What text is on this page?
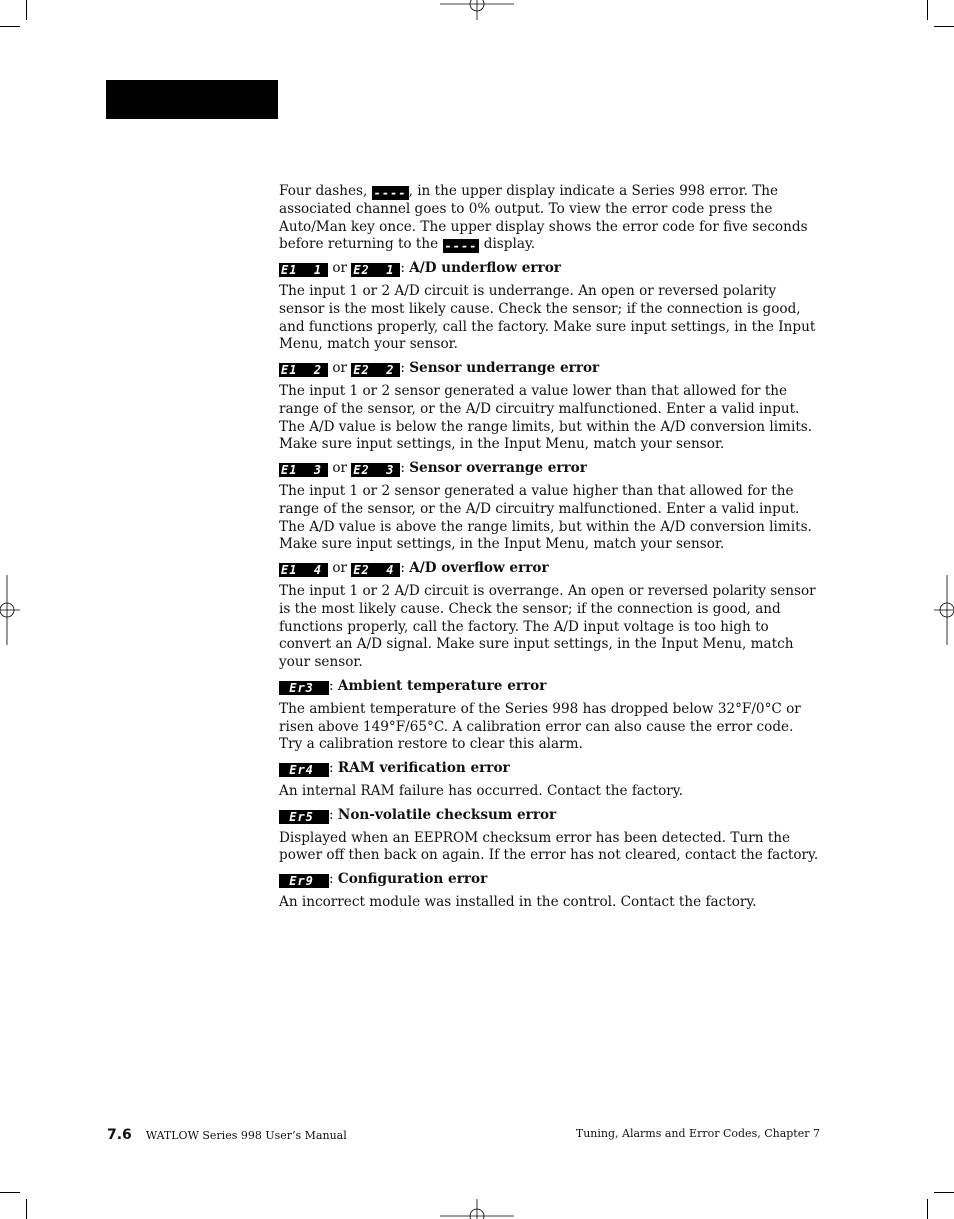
Four dashes, ---- , in the upper display indicate a Series 998 error. The associated channel goes to 0% output. To view the error code press the Auto/Man key once. The upper display shows the error code for five seconds before returning to the ---- display.

E1  1 or E2  1 : A/D underflow error

The input 1 or 2 A/D circuit is underrange. An open or reversed polarity sensor is the most likely cause. Check the sensor; if the connection is good, and functions properly, call the factory. Make sure input settings, in the Input Menu, match your sensor.

E1  2 or E2  2 : Sensor underrange error

The input 1 or 2 sensor generated a value lower than that allowed for the range of the sensor, or the A/D circuitry malfunctioned. Enter a valid input. The A/D value is below the range limits, but within the A/D conversion limits. Make sure input settings, in the Input Menu, match your sensor.

E1  3 or E2  3 : Sensor overrange error

The input 1 or 2 sensor generated a value higher than that allowed for the range of the sensor, or the A/D circuitry malfunctioned. Enter a valid input. The A/D value is above the range limits, but within the A/D conversion limits. Make sure input settings, in the Input Menu, match your sensor.

E1  4 or E2  4 : A/D overflow error

The input 1 or 2 A/D circuit is overrange. An open or reversed polarity sensor is the most likely cause. Check the sensor; if the connection is good, and functions properly, call the factory. The A/D input voltage is too high to convert an A/D signal. Make sure input settings, in the Input Menu, match your sensor.

Er3 : Ambient temperature error

The ambient temperature of the Series 998 has dropped below 32°F/0°C or risen above 149°F/65°C. A calibration error can also cause the error code. Try a calibration restore to clear this alarm.

Er4 : RAM verification error

An internal RAM failure has occurred. Contact the factory.

Er5 : Non-volatile checksum error

Displayed when an EEPROM checksum error has been detected. Turn the power off then back on again. If the error has not cleared, contact the factory.

Er9 : Configuration error

An incorrect module was installed in the control. Contact the factory.

7.6 WATLOW Series 998 User’s Manual	Tuning, Alarms and Error Codes, Chapter 7
